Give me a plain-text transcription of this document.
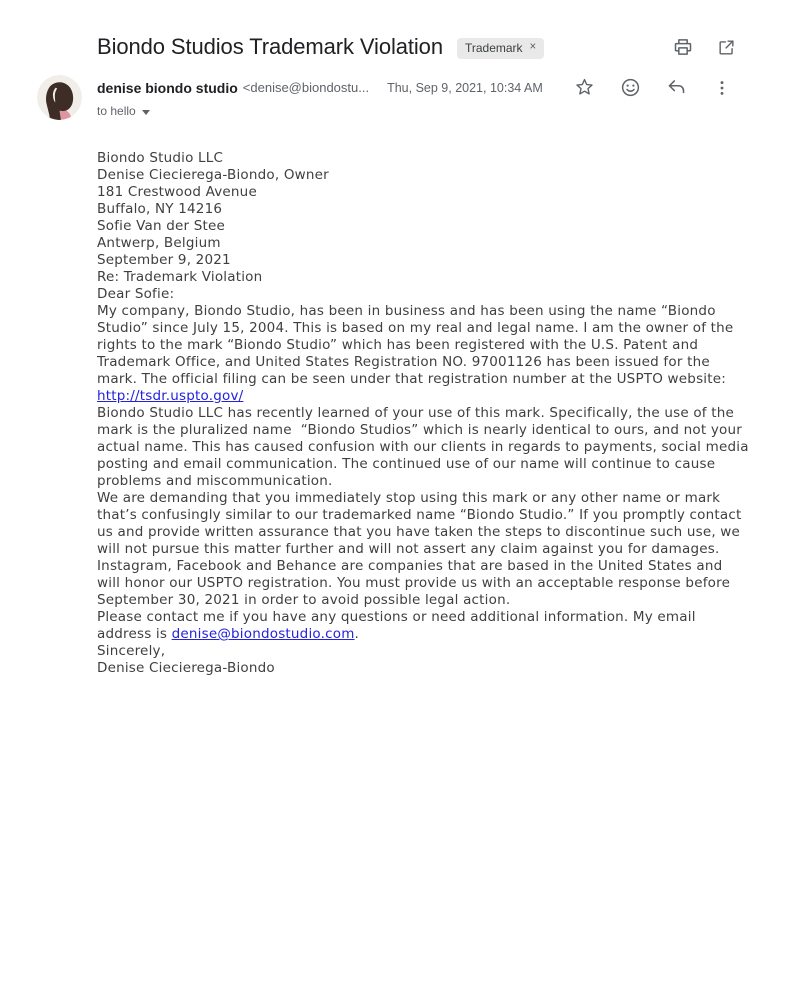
Biondo Studios Trademark Violation Trademark ×
denise biondo studio <denise@biondostu... Thu, Sep 9, 2021, 10:34 AM
to hello
Biondo Studio LLC
Denise Ciecierega-Biondo, Owner
181 Crestwood Avenue
Buffalo, NY 14216
Sofie Van der Stee
Antwerp, Belgium
September 9, 2021
Re: Trademark Violation

Dear Sofie:

My company, Biondo Studio, has been in business and has been using the name “Biondo Studio” since July 15, 2004. This is based on my real and legal name. I am the owner of the rights to the mark “Biondo Studio” which has been registered with the U.S. Patent and Trademark Office, and United States Registration NO. 97001126 has been issued for the mark. The official filing can be seen under that registration number at the USPTO website:

http://tsdr.uspto.gov/

Biondo Studio LLC has recently learned of your use of this mark. Specifically, the use of the mark is the pluralized name  “Biondo Studios” which is nearly identical to ours, and not your actual name. This has caused confusion with our clients in regards to payments, social media posting and email communication. The continued use of our name will continue to cause problems and miscommunication.

We are demanding that you immediately stop using this mark or any other name or mark that’s confusingly similar to our trademarked name “Biondo Studio.” If you promptly contact us and provide written assurance that you have taken the steps to discontinue such use, we will not pursue this matter further and will not assert any claim against you for damages. Instagram, Facebook and Behance are companies that are based in the United States and will honor our USPTO registration. You must provide us with an acceptable response before September 30, 2021 in order to avoid possible legal action.

Please contact me if you have any questions or need additional information. My email address is denise@biondostudio.com.

Sincerely,

Denise Ciecierega-Biondo
